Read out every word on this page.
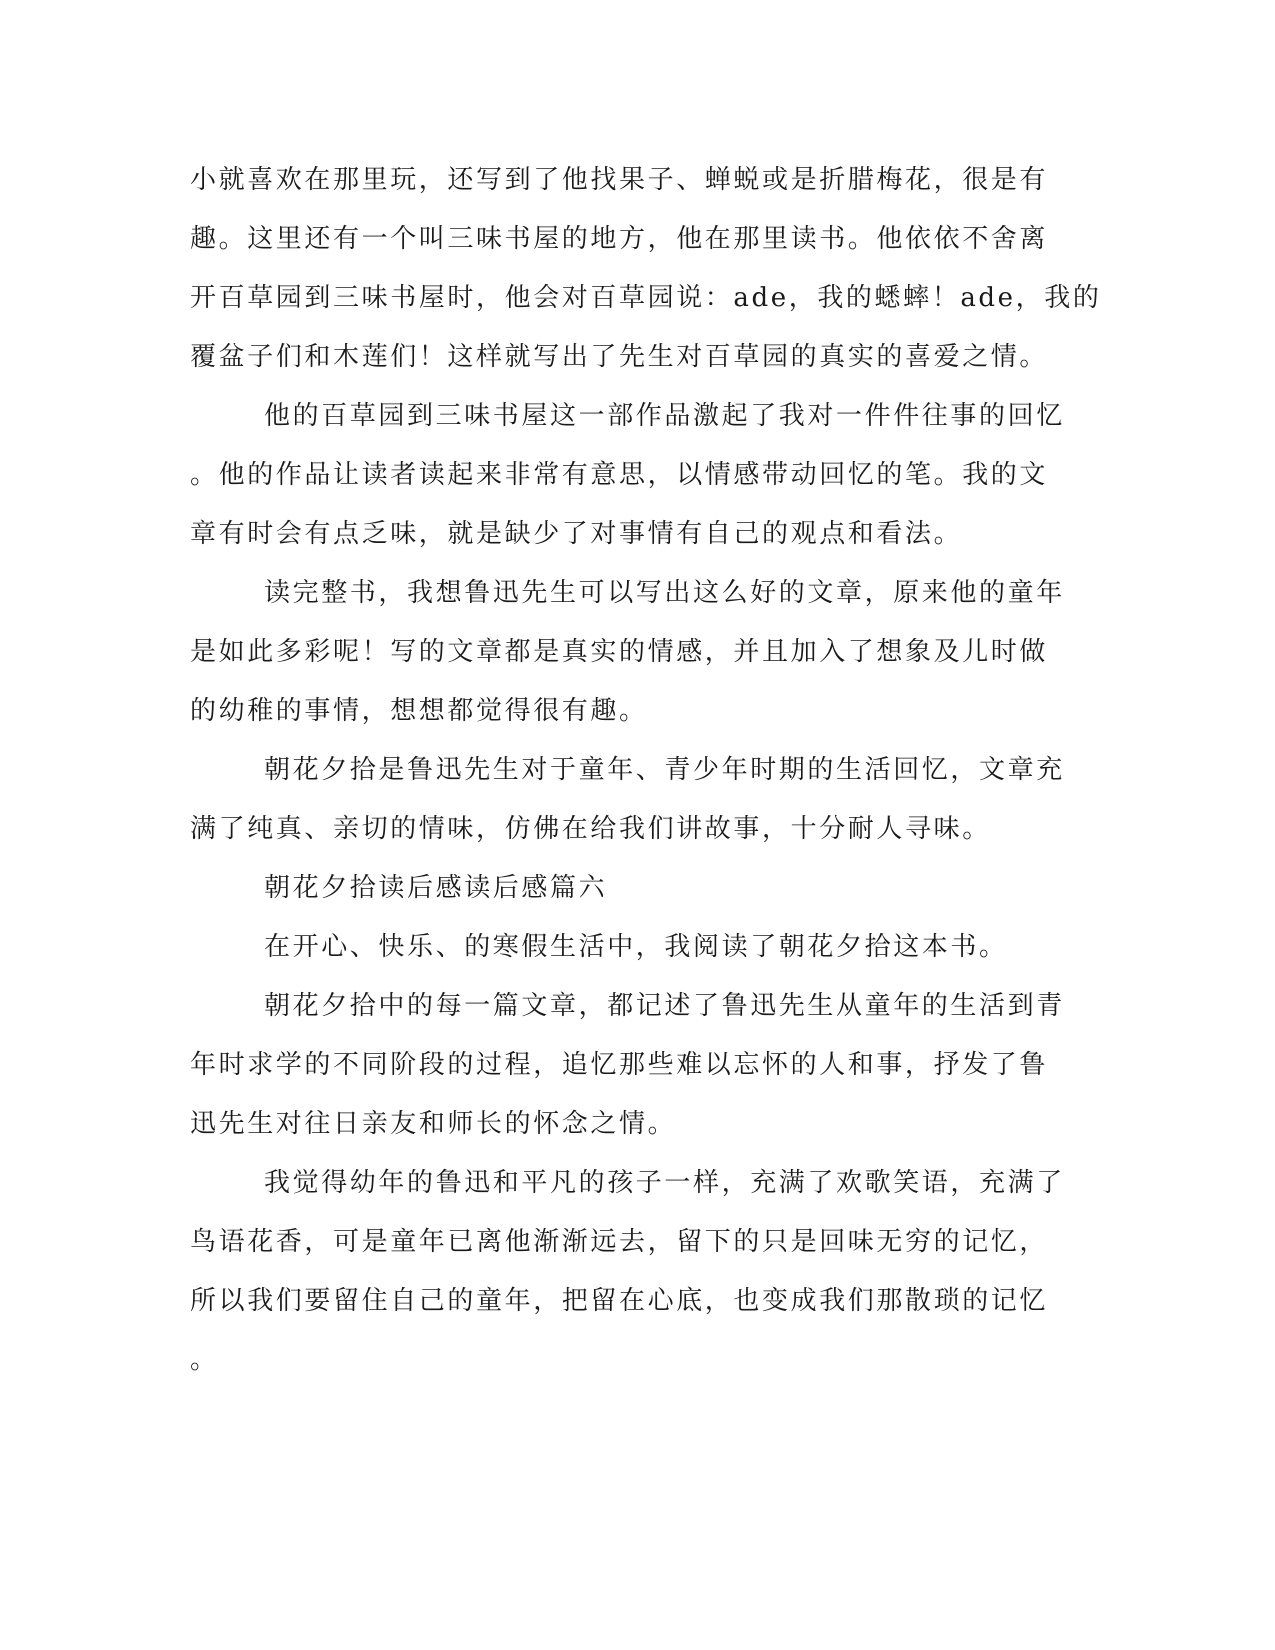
小就喜欢在那里玩，还写到了他找果子、蝉蜕或是折腊梅花，很是有
趣。这里还有一个叫三味书屋的地方，他在那里读书。他依依不舍离
开百草园到三味书屋时，他会对百草园说：ade，我的蟋蟀！ade，我的
覆盆子们和木莲们！这样就写出了先生对百草园的真实的喜爱之情。
他的百草园到三味书屋这一部作品激起了我对一件件往事的回忆
。他的作品让读者读起来非常有意思，以情感带动回忆的笔。我的文
章有时会有点乏味，就是缺少了对事情有自己的观点和看法。
读完整书，我想鲁迅先生可以写出这么好的文章，原来他的童年
是如此多彩呢！写的文章都是真实的情感，并且加入了想象及儿时做
的幼稚的事情，想想都觉得很有趣。
朝花夕拾是鲁迅先生对于童年、青少年时期的生活回忆，文章充
满了纯真、亲切的情味，仿佛在给我们讲故事，十分耐人寻味。
朝花夕拾读后感读后感篇六
在开心、快乐、的寒假生活中，我阅读了朝花夕拾这本书。
朝花夕拾中的每一篇文章，都记述了鲁迅先生从童年的生活到青
年时求学的不同阶段的过程，追忆那些难以忘怀的人和事，抒发了鲁
迅先生对往日亲友和师长的怀念之情。
我觉得幼年的鲁迅和平凡的孩子一样，充满了欢歌笑语，充满了
鸟语花香，可是童年已离他渐渐远去，留下的只是回味无穷的记忆，
所以我们要留住自己的童年，把留在心底，也变成我们那散琐的记忆
。
